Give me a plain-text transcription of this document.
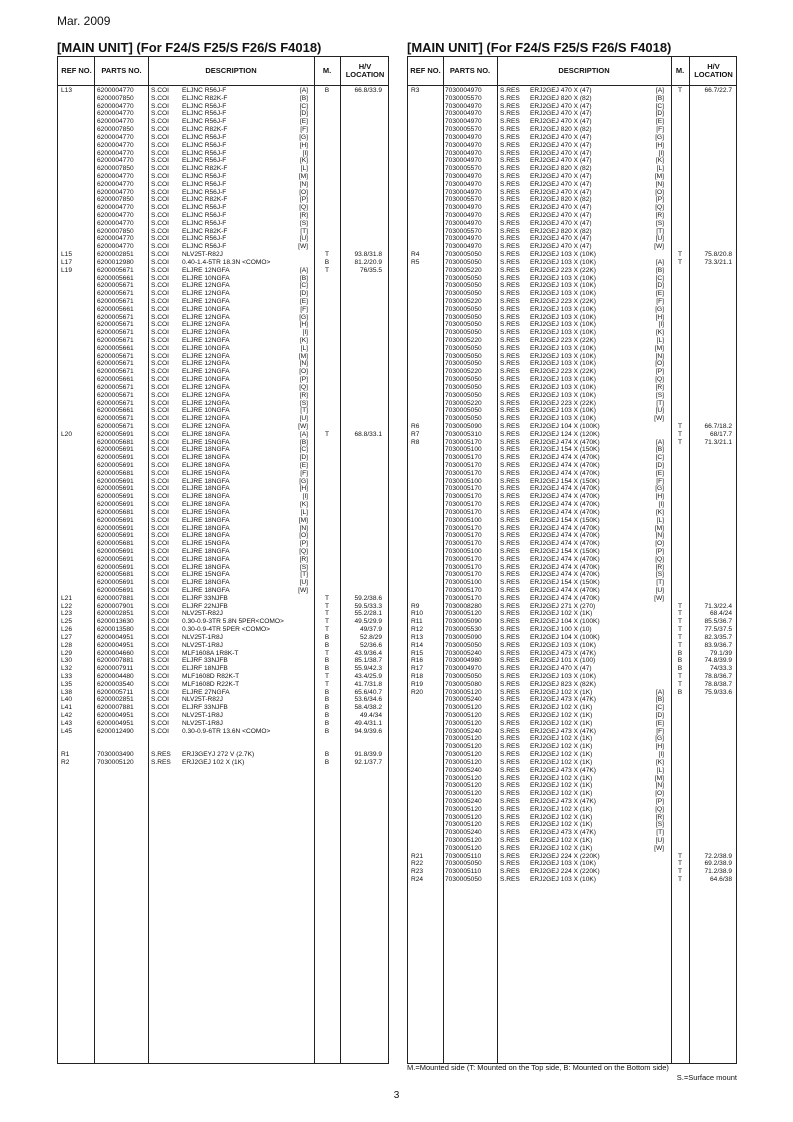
Mar. 2009
[MAIN UNIT] (For F24/S F25/S F26/S F4018)	[MAIN UNIT] (For F24/S F25/S F26/S F4018)
REF NO.	PARTS NO.	DESCRIPTION	M.	H/V LOCATION
L13	6200004770	S.COI ELJNC R56J-F	[A]	B	66.8/33.9
6200007850	S.COI ELJNC R82K-F	[B]
6200004770	S.COI ELJNC R56J-F	[C]
6200004770	S.COI ELJNC R56J-F	[D]
6200004770	S.COI ELJNC R56J-F	[E]
6200007850	S.COI ELJNC R82K-F	[F]
6200004770	S.COI ELJNC R56J-F	[G]
6200004770	S.COI ELJNC R56J-F	[H]
6200004770	S.COI ELJNC R56J-F	[I]
6200004770	S.COI ELJNC R56J-F	[K]
6200007850	S.COI ELJNC R82K-F	[L]
6200004770	S.COI ELJNC R56J-F	[M]
6200004770	S.COI ELJNC R56J-F	[N]
6200004770	S.COI ELJNC R56J-F	[O]
6200007850	S.COI ELJNC R82K-F	[P]
6200004770	S.COI ELJNC R56J-F	[Q]
6200004770	S.COI ELJNC R56J-F	[R]
6200004770	S.COI ELJNC R56J-F	[S]
6200007850	S.COI ELJNC R82K-F	[T]
6200004770	S.COI ELJNC R56J-F	[U]
6200004770	S.COI ELJNC R56J-F	[W]
L15	6200002851	S.COI NLV25T-R82J	T	93.8/31.8
L17	6200012980	S.COI 0.40-1.4-5TR 18.3N <COMO>	B	81.2/20.9
L19	6200005671	S.COI ELJRE 12NGFA	[A]	T	76/35.5
6200005661	S.COI ELJRE 10NGFA	[B]
6200005671	S.COI ELJRE 12NGFA	[C]
6200005671	S.COI ELJRE 12NGFA	[D]
6200005671	S.COI ELJRE 12NGFA	[E]
6200005661	S.COI ELJRE 10NGFA	[F]
6200005671	S.COI ELJRE 12NGFA	[G]
6200005671	S.COI ELJRE 12NGFA	[H]
6200005671	S.COI ELJRE 12NGFA	[I]
6200005671	S.COI ELJRE 12NGFA	[K]
6200005661	S.COI ELJRE 10NGFA	[L]
6200005671	S.COI ELJRE 12NGFA	[M]
6200005671	S.COI ELJRE 12NGFA	[N]
6200005671	S.COI ELJRE 12NGFA	[O]
6200005661	S.COI ELJRE 10NGFA	[P]
6200005671	S.COI ELJRE 12NGFA	[Q]
6200005671	S.COI ELJRE 12NGFA	[R]
6200005671	S.COI ELJRE 12NGFA	[S]
6200005661	S.COI ELJRE 10NGFA	[T]
6200005671	S.COI ELJRE 12NGFA	[U]
6200005671	S.COI ELJRE 12NGFA	[W]
L20	6200005691	S.COI ELJRE 18NGFA	[A]	T	68.8/33.1
6200005681	S.COI ELJRE 15NGFA	[B]
6200005691	S.COI ELJRE 18NGFA	[C]
6200005691	S.COI ELJRE 18NGFA	[D]
6200005691	S.COI ELJRE 18NGFA	[E]
6200005681	S.COI ELJRE 15NGFA	[F]
6200005691	S.COI ELJRE 18NGFA	[G]
6200005691	S.COI ELJRE 18NGFA	[H]
6200005691	S.COI ELJRE 18NGFA	[I]
6200005691	S.COI ELJRE 18NGFA	[K]
6200005681	S.COI ELJRE 15NGFA	[L]
6200005691	S.COI ELJRE 18NGFA	[M]
6200005691	S.COI ELJRE 18NGFA	[N]
6200005691	S.COI ELJRE 18NGFA	[O]
6200005681	S.COI ELJRE 15NGFA	[P]
6200005691	S.COI ELJRE 18NGFA	[Q]
6200005691	S.COI ELJRE 18NGFA	[R]
6200005691	S.COI ELJRE 18NGFA	[S]
6200005681	S.COI ELJRE 15NGFA	[T]
6200005691	S.COI ELJRE 18NGFA	[U]
6200005691	S.COI ELJRE 18NGFA	[W]
L21	6200007881	S.COI ELJRF 33NJFB	T	59.2/38.6
L22	6200007901	S.COI ELJRF 22NJFB	T	59.5/33.3
L23	6200002851	S.COI NLV25T-R82J	T	55.2/28.1
L25	6200013630	S.COI 0.30-0.9-3TR 5.8N 5PER<COMO>	T	49.5/29.9
L26	6200013580	S.COI 0.30-0.9-4TR 5PER <COMO>	T	49/37.9
L27	6200004951	S.COI NLV25T-1R8J	B	52.8/29
L28	6200004951	S.COI NLV25T-1R8J	B	52/36.6
L29	6200004660	S.COI MLF1608A 1R8K-T	T	43.9/36.4
L30	6200007881	S.COI ELJRF 33NJFB	B	85.1/38.7
L32	6200007911	S.COI ELJRF 18NJFB	B	55.9/42.3
L33	6200004480	S.COI MLF1608D R82K-T	T	43.4/25.9
L35	6200003540	S.COI MLF1608D R22K-T	T	41.7/31.8
L38	6200005711	S.COI ELJRE 27NGFA	B	65.6/40.7
L40	6200002851	S.COI NLV25T-R82J	B	53.6/34.6
L41	6200007881	S.COI ELJRF 33NJFB	B	58.4/38.2
L42	6200004951	S.COI NLV25T-1R8J	B	49.4/34
L43	6200004951	S.COI NLV25T-1R8J	B	49.4/31.1
L45	6200012490	S.COI 0.30-0.9-6TR 13.6N <COMO>	B	94.9/39.6
R1	7030003490	S.RES ERJ3GEYJ 272 V (2.7K)	B	91.8/39.9
R2	7030005120	S.RES ERJ2GEJ 102 X (1K)	B	92.1/37.7
REF NO.	PARTS NO.	DESCRIPTION	M.	H/V LOCATION
R3	7030004970	S.RES ERJ2GEJ 470 X (47)	[A]	T	66.7/22.7
7030005570	S.RES ERJ2GEJ 820 X (82)	[B]
7030004970	S.RES ERJ2GEJ 470 X (47)	[C]
7030004970	S.RES ERJ2GEJ 470 X (47)	[D]
7030004970	S.RES ERJ2GEJ 470 X (47)	[E]
7030005570	S.RES ERJ2GEJ 820 X (82)	[F]
7030004970	S.RES ERJ2GEJ 470 X (47)	[G]
7030004970	S.RES ERJ2GEJ 470 X (47)	[H]
7030004970	S.RES ERJ2GEJ 470 X (47)	[I]
7030004970	S.RES ERJ2GEJ 470 X (47)	[K]
7030005570	S.RES ERJ2GEJ 820 X (82)	[L]
7030004970	S.RES ERJ2GEJ 470 X (47)	[M]
7030004970	S.RES ERJ2GEJ 470 X (47)	[N]
7030004970	S.RES ERJ2GEJ 470 X (47)	[O]
7030005570	S.RES ERJ2GEJ 820 X (82)	[P]
7030004970	S.RES ERJ2GEJ 470 X (47)	[Q]
7030004970	S.RES ERJ2GEJ 470 X (47)	[R]
7030004970	S.RES ERJ2GEJ 470 X (47)	[S]
7030005570	S.RES ERJ2GEJ 820 X (82)	[T]
7030004970	S.RES ERJ2GEJ 470 X (47)	[U]
7030004970	S.RES ERJ2GEJ 470 X (47)	[W]
R4	7030005050	S.RES ERJ2GEJ 103 X (10K)	T	75.8/20.8
R5	7030005050	S.RES ERJ2GEJ 103 X (10K)	[A]	T	73.3/21.1
7030005220	S.RES ERJ2GEJ 223 X (22K)	[B]
7030005050	S.RES ERJ2GEJ 103 X (10K)	[C]
7030005050	S.RES ERJ2GEJ 103 X (10K)	[D]
7030005050	S.RES ERJ2GEJ 103 X (10K)	[E]
7030005220	S.RES ERJ2GEJ 223 X (22K)	[F]
7030005050	S.RES ERJ2GEJ 103 X (10K)	[G]
7030005050	S.RES ERJ2GEJ 103 X (10K)	[H]
7030005050	S.RES ERJ2GEJ 103 X (10K)	[I]
7030005050	S.RES ERJ2GEJ 103 X (10K)	[K]
7030005220	S.RES ERJ2GEJ 223 X (22K)	[L]
7030005050	S.RES ERJ2GEJ 103 X (10K)	[M]
7030005050	S.RES ERJ2GEJ 103 X (10K)	[N]
7030005050	S.RES ERJ2GEJ 103 X (10K)	[O]
7030005220	S.RES ERJ2GEJ 223 X (22K)	[P]
7030005050	S.RES ERJ2GEJ 103 X (10K)	[Q]
7030005050	S.RES ERJ2GEJ 103 X (10K)	[R]
7030005050	S.RES ERJ2GEJ 103 X (10K)	[S]
7030005220	S.RES ERJ2GEJ 223 X (22K)	[T]
7030005050	S.RES ERJ2GEJ 103 X (10K)	[U]
7030005050	S.RES ERJ2GEJ 103 X (10K)	[W]
R6	7030005090	S.RES ERJ2GEJ 104 X (100K)	T	66.7/18.2
R7	7030005310	S.RES ERJ2GEJ 124 X (120K)	T	68/17.7
R8	7030005170	S.RES ERJ2GEJ 474 X (470K)	[A]	T	71.3/21.1
7030005100	S.RES ERJ2GEJ 154 X (150K)	[B]
7030005170	S.RES ERJ2GEJ 474 X (470K)	[C]
7030005170	S.RES ERJ2GEJ 474 X (470K)	[D]
7030005170	S.RES ERJ2GEJ 474 X (470K)	[E]
7030005100	S.RES ERJ2GEJ 154 X (150K)	[F]
7030005170	S.RES ERJ2GEJ 474 X (470K)	[G]
7030005170	S.RES ERJ2GEJ 474 X (470K)	[H]
7030005170	S.RES ERJ2GEJ 474 X (470K)	[I]
7030005170	S.RES ERJ2GEJ 474 X (470K)	[K]
7030005100	S.RES ERJ2GEJ 154 X (150K)	[L]
7030005170	S.RES ERJ2GEJ 474 X (470K)	[M]
7030005170	S.RES ERJ2GEJ 474 X (470K)	[N]
7030005170	S.RES ERJ2GEJ 474 X (470K)	[O]
7030005100	S.RES ERJ2GEJ 154 X (150K)	[P]
7030005170	S.RES ERJ2GEJ 474 X (470K)	[Q]
7030005170	S.RES ERJ2GEJ 474 X (470K)	[R]
7030005170	S.RES ERJ2GEJ 474 X (470K)	[S]
7030005100	S.RES ERJ2GEJ 154 X (150K)	[T]
7030005170	S.RES ERJ2GEJ 474 X (470K)	[U]
7030005170	S.RES ERJ2GEJ 474 X (470K)	[W]
R9	7030008280	S.RES ERJ2GEJ 271 X (270)	T	71.3/22.4
R10	7030005120	S.RES ERJ2GEJ 102 X (1K)	T	68.4/24
R11	7030005090	S.RES ERJ2GEJ 104 X (100K)	T	85.5/36.7
R12	7030005530	S.RES ERJ2GEJ 100 X (10)	T	77.5/37.5
R13	7030005090	S.RES ERJ2GEJ 104 X (100K)	T	82.3/35.7
R14	7030005050	S.RES ERJ2GEJ 103 X (10K)	T	83.9/36.7
R15	7030005240	S.RES ERJ2GEJ 473 X (47K)	B	79.1/39
R16	7030004980	S.RES ERJ2GEJ 101 X (100)	B	74.8/39.9
R17	7030004970	S.RES ERJ2GEJ 470 X (47)	B	74/33.3
R18	7030005050	S.RES ERJ2GEJ 103 X (10K)	T	78.8/36.7
R19	7030005080	S.RES ERJ2GEJ 823 X (82K)	T	78.8/38.7
R20	7030005120	S.RES ERJ2GEJ 102 X (1K)	[A]	B	75.9/33.6
7030005240	S.RES ERJ2GEJ 473 X (47K)	[B]
7030005120	S.RES ERJ2GEJ 102 X (1K)	[C]
7030005120	S.RES ERJ2GEJ 102 X (1K)	[D]
7030005120	S.RES ERJ2GEJ 102 X (1K)	[E]
7030005240	S.RES ERJ2GEJ 473 X (47K)	[F]
7030005120	S.RES ERJ2GEJ 102 X (1K)	[G]
7030005120	S.RES ERJ2GEJ 102 X (1K)	[H]
7030005120	S.RES ERJ2GEJ 102 X (1K)	[I]
7030005120	S.RES ERJ2GEJ 102 X (1K)	[K]
7030005240	S.RES ERJ2GEJ 473 X (47K)	[L]
7030005120	S.RES ERJ2GEJ 102 X (1K)	[M]
7030005120	S.RES ERJ2GEJ 102 X (1K)	[N]
7030005120	S.RES ERJ2GEJ 102 X (1K)	[O]
7030005240	S.RES ERJ2GEJ 473 X (47K)	[P]
7030005120	S.RES ERJ2GEJ 102 X (1K)	[Q]
7030005120	S.RES ERJ2GEJ 102 X (1K)	[R]
7030005120	S.RES ERJ2GEJ 102 X (1K)	[S]
7030005240	S.RES ERJ2GEJ 473 X (47K)	[T]
7030005120	S.RES ERJ2GEJ 102 X (1K)	[U]
7030005120	S.RES ERJ2GEJ 102 X (1K)	[W]
R21	7030005110	S.RES ERJ2GEJ 224 X (220K)	T	72.2/38.9
R22	7030005050	S.RES ERJ2GEJ 103 X (10K)	T	69.2/38.9
R23	7030005110	S.RES ERJ2GEJ 224 X (220K)	T	71.2/38.9
R24	7030005050	S.RES ERJ2GEJ 103 X (10K)	T	64.6/38
M.=Mounted side (T: Mounted on the Top side, B: Mounted on the Bottom side)
S.=Surface mount
3
